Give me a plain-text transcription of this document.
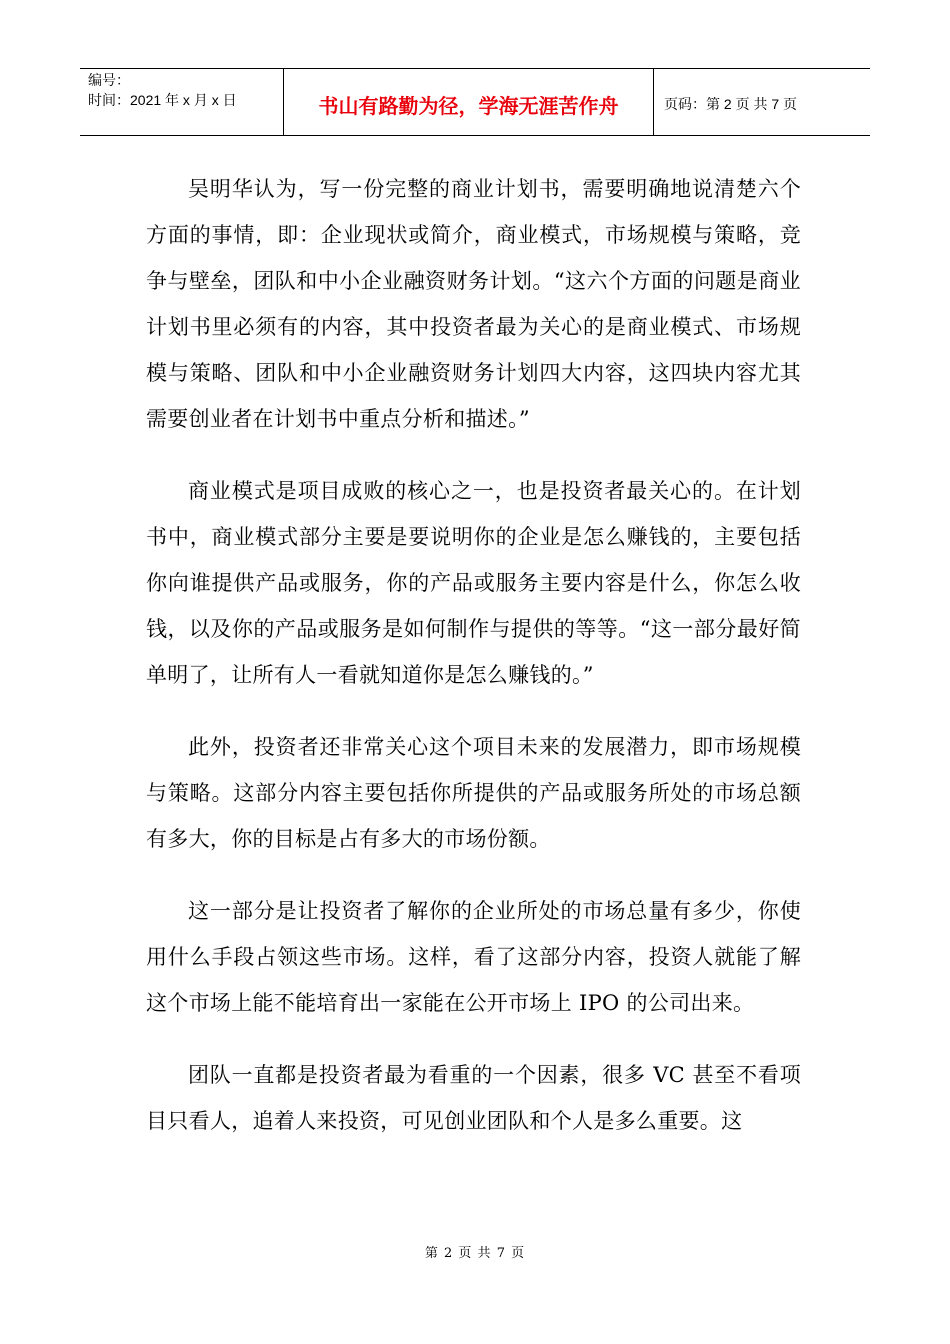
编号：
时间：2021 年 x 月 x 日	书山有路勤为径，学海无涯苦作舟	页码：第 2 页 共 7 页

吴明华认为，写一份完整的商业计划书，需要明确地说清楚六个方面的事情，即：企业现状或简介，商业模式，市场规模与策略，竞争与壁垒，团队和中小企业融资财务计划。“这六个方面的问题是商业计划书里必须有的内容，其中投资者最为关心的是商业模式、市场规模与策略、团队和中小企业融资财务计划四大内容，这四块内容尤其需要创业者在计划书中重点分析和描述。”

商业模式是项目成败的核心之一，也是投资者最关心的。在计划书中，商业模式部分主要是要说明你的企业是怎么赚钱的，主要包括你向谁提供产品或服务，你的产品或服务主要内容是什么，你怎么收钱，以及你的产品或服务是如何制作与提供的等等。“这一部分最好简单明了，让所有人一看就知道你是怎么赚钱的。”

此外，投资者还非常关心这个项目未来的发展潜力，即市场规模与策略。这部分内容主要包括你所提供的产品或服务所处的市场总额有多大，你的目标是占有多大的市场份额。

这一部分是让投资者了解你的企业所处的市场总量有多少，你使用什么手段占领这些市场。这样，看了这部分内容，投资人就能了解这个市场上能不能培育出一家能在公开市场上 IPO 的公司出来。

团队一直都是投资者最为看重的一个因素，很多 VC 甚至不看项目只看人，追着人来投资，可见创业团队和个人是多么重要。这

第 2 页 共 7 页
